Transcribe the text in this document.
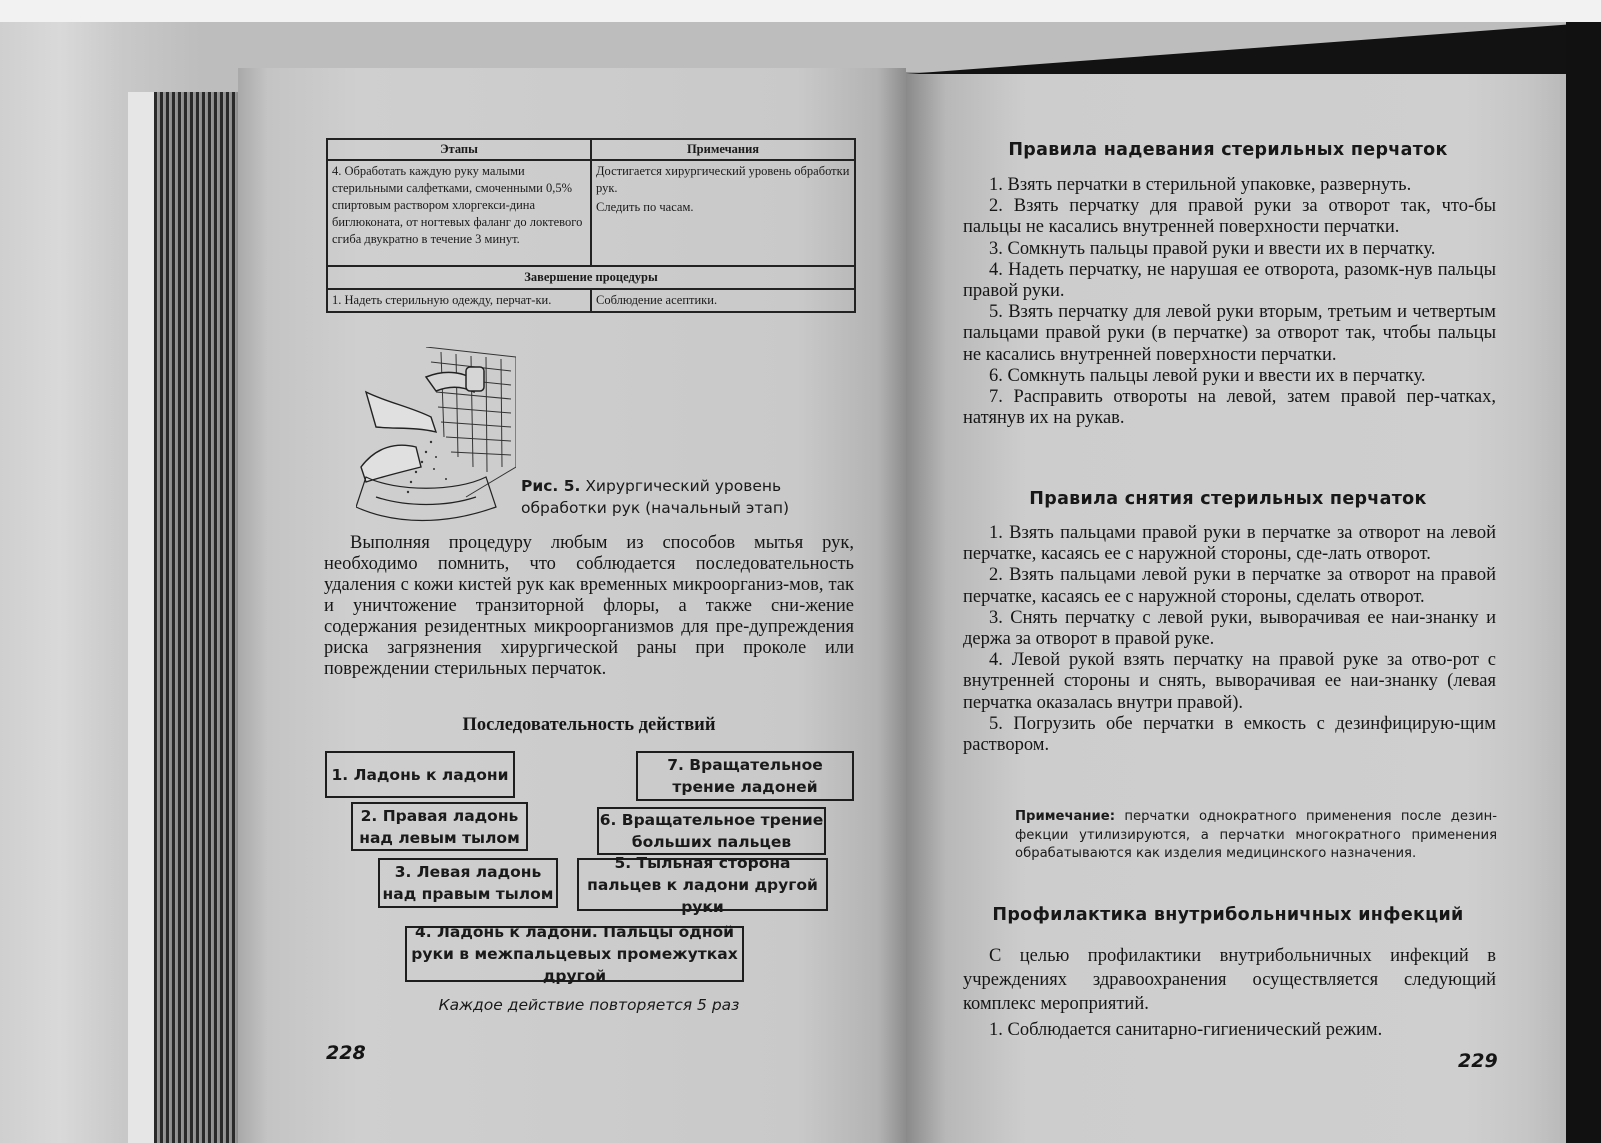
Этапы	Примечания
4. Обработать каждую руку малыми стерильными салфетками, смоченными 0,5% спиртовым раствором хлоргекси-дина биглюконата, от ногтевых фаланг до локтевого сгиба двукратно в течение 3 минут.	Достигается хирургический уровень обработки рук.
Следить по часам.

Завершение процедуры	
1. Надеть стерильную одежду, перчат-ки.	Соблюдение асептики.
Рис. 5. Хирургический уровень обработки рук (начальный этап)

Выполняя процедуру любым из способов мытья рук, необходимо помнить, что соблюдается последовательность удаления с кожи кистей рук как временных микроорганиз-мов, так и уничтожение транзиторной флоры, а также сни-жение содержания резидентных микроорганизмов для пре-дупреждения риска загрязнения хирургической раны при проколе или повреждении стерильных перчаток.

Последовательность действий
1. Ладонь к ладони
2. Правая ладонь над левым тылом
3. Левая ладонь над правым тылом
4. Ладонь к ладони. Пальцы одной руки в межпальцевых промежутках другой
5. Тыльная сторона пальцев к ладони другой руки
6. Вращательное трение больших пальцев
7. Вращательное трение ладоней
Каждое действие повторяется 5 раз
228
Правила надевания стерильных перчаток
1. Взять перчатки в стерильной упаковке, развернуть.
2. Взять перчатку для правой руки за отворот так, что-бы пальцы не касались внутренней поверхности перчатки.
3. Сомкнуть пальцы правой руки и ввести их в перчатку.
4. Надеть перчатку, не нарушая ее отворота, разомк-нув пальцы правой руки.
5. Взять перчатку для левой руки вторым, третьим и четвертым пальцами правой руки (в перчатке) за отворот так, чтобы пальцы не касались внутренней поверхности перчатки.
6. Сомкнуть пальцы левой руки и ввести их в перчатку.
7. Расправить отвороты на левой, затем правой пер-чатках, натянув их на рукав.
Правила снятия стерильных перчаток
1. Взять пальцами правой руки в перчатке за отворот на левой перчатке, касаясь ее с наружной стороны, сде-лать отворот.
2. Взять пальцами левой руки в перчатке за отворот на правой перчатке, касаясь ее с наружной стороны, сделать отворот.
3. Снять перчатку с левой руки, выворачивая ее наи-знанку и держа за отворот в правой руке.
4. Левой рукой взять перчатку на правой руке за отво-рот с внутренней стороны и снять, выворачивая ее наи-знанку (левая перчатка оказалась внутри правой).
5. Погрузить обе перчатки в емкость с дезинфицирую-щим раствором.
Примечание: перчатки однократного применения после дезин-фекции утилизируются, а перчатки многократного применения обрабатываются как изделия медицинского назначения.
Профилактика внутрибольничных инфекций

С целью профилактики внутрибольничных инфекций в учреждениях здравоохранения осуществляется следующий комплекс мероприятий.

1. Соблюдается санитарно-гигиенический режим.

229
